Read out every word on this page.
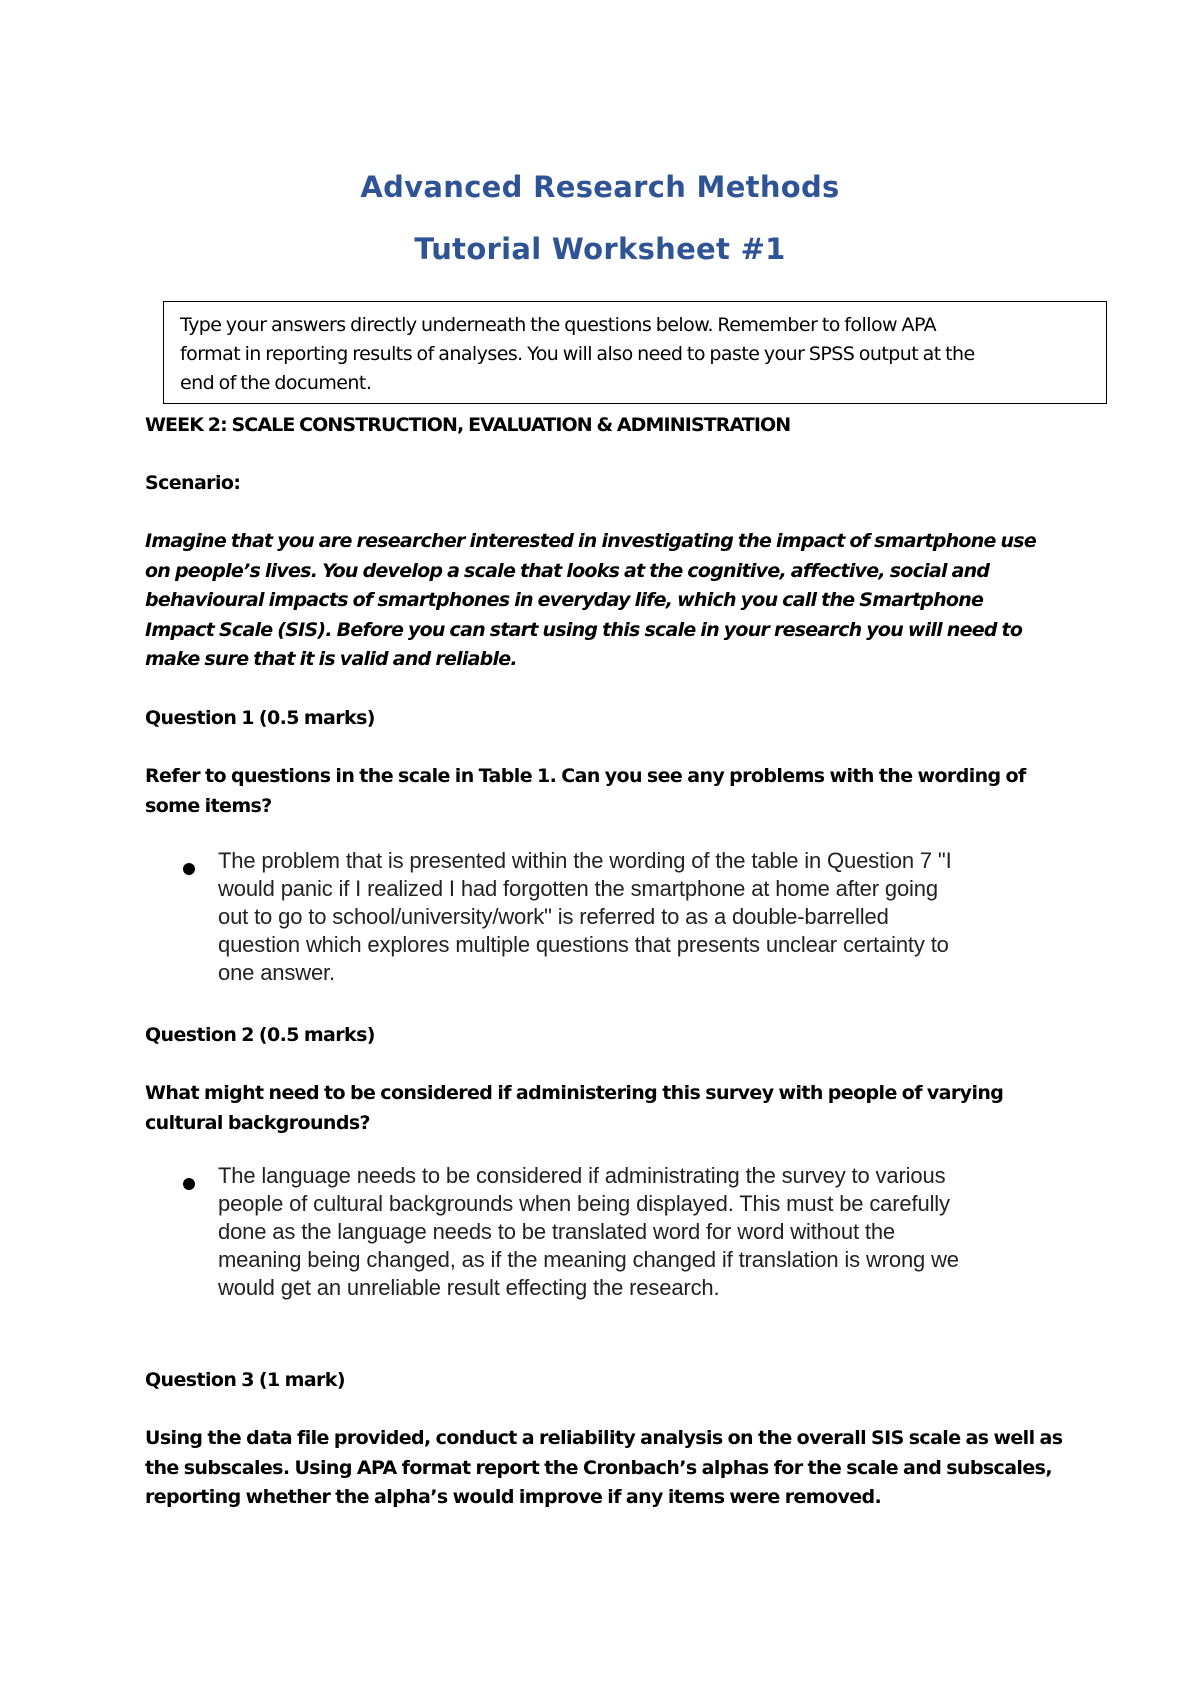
Advanced Research Methods
Tutorial Worksheet #1
Type your answers directly underneath the questions below. Remember to follow APA
format in reporting results of analyses. You will also need to paste your SPSS output at the
end of the document.
WEEK 2: SCALE CONSTRUCTION, EVALUATION & ADMINISTRATION
Scenario:
Imagine that you are researcher interested in investigating the impact of smartphone use
on people’s lives. You develop a scale that looks at the cognitive, affective, social and
behavioural impacts of smartphones in everyday life, which you call the Smartphone
Impact Scale (SIS). Before you can start using this scale in your research you will need to
make sure that it is valid and reliable.
Question 1 (0.5 marks)
Refer to questions in the scale in Table 1. Can you see any problems with the wording of
some items?
The problem that is presented within the wording of the table in Question 7 "I
would panic if I realized I had forgotten the smartphone at home after going
out to go to school/university/work" is referred to as a double-barrelled
question which explores multiple questions that presents unclear certainty to
one answer.
Question 2 (0.5 marks)
What might need to be considered if administering this survey with people of varying
cultural backgrounds?
The language needs to be considered if administrating the survey to various
people of cultural backgrounds when being displayed. This must be carefully
done as the language needs to be translated word for word without the
meaning being changed, as if the meaning changed if translation is wrong we
would get an unreliable result effecting the research.
Question 3 (1 mark)
Using the data file provided, conduct a reliability analysis on the overall SIS scale as well as
the subscales. Using APA format report the Cronbach’s alphas for the scale and subscales,
reporting whether the alpha’s would improve if any items were removed.
